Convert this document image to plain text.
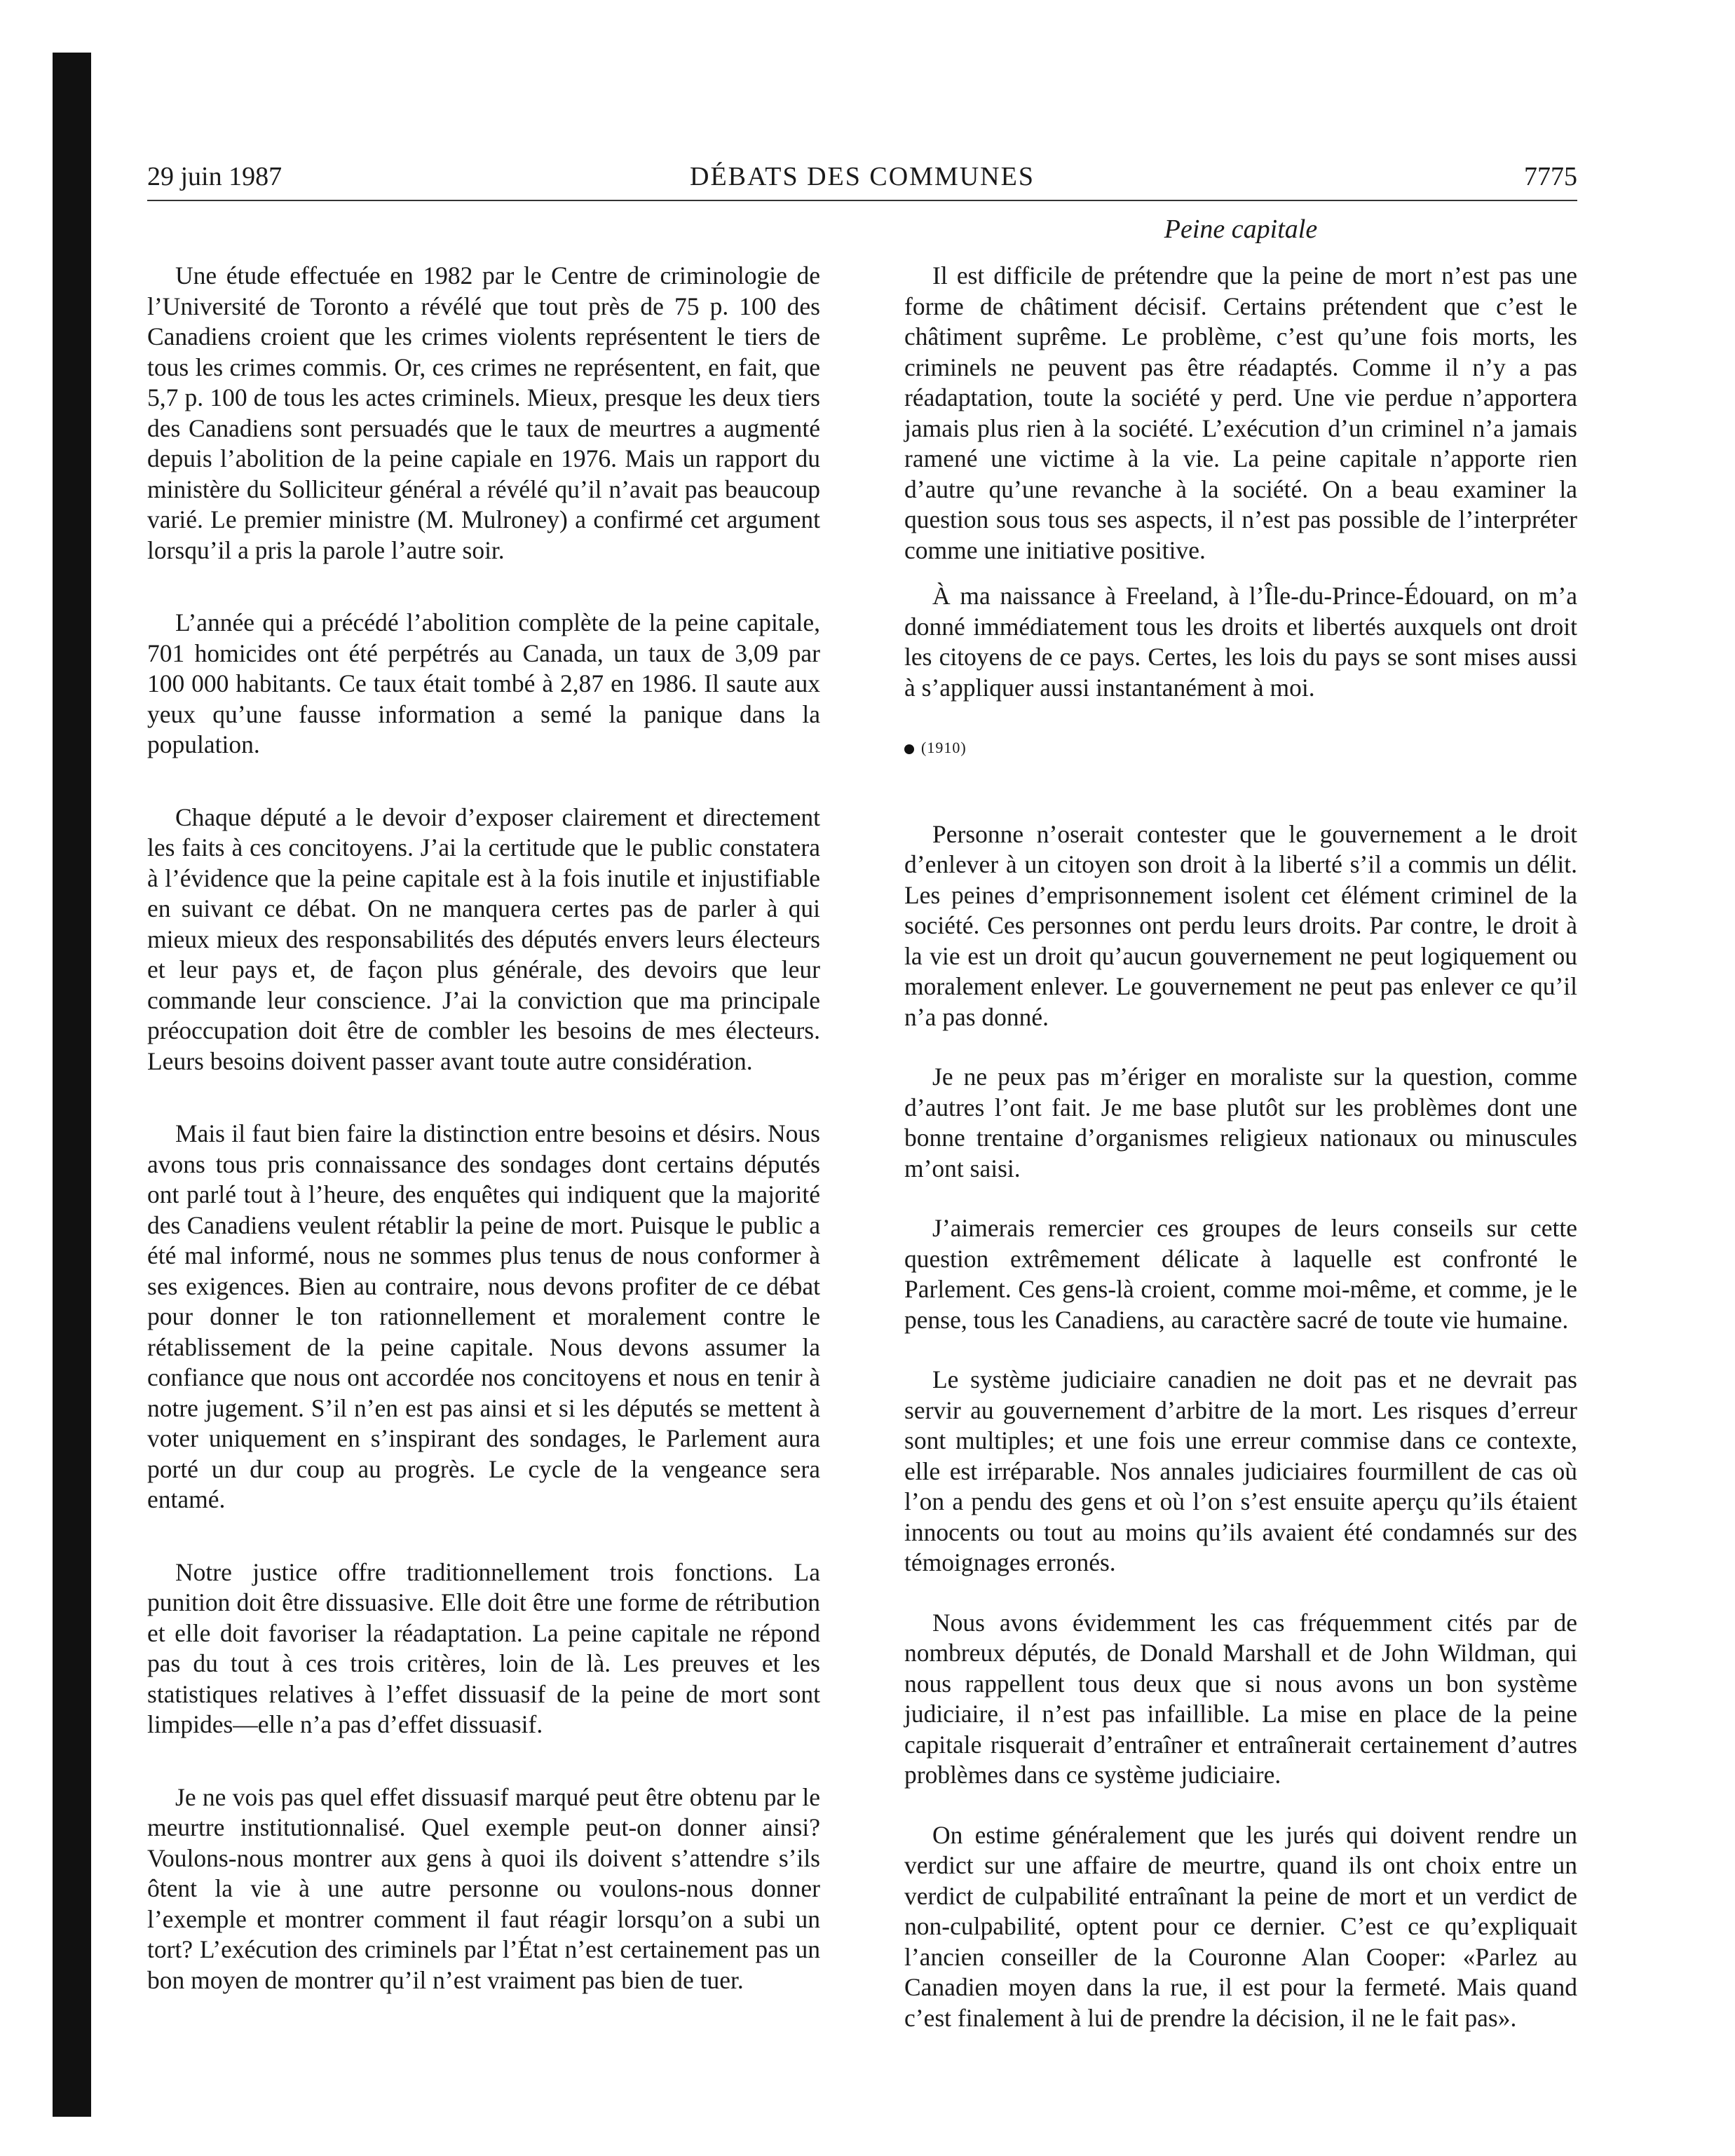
29 juin 1987	DÉBATS DES COMMUNES	7775
Peine capitale

Une étude effectuée en 1982 par le Centre de criminologie de l’Université de Toronto a révélé que tout près de 75 p. 100 des Canadiens croient que les crimes violents représentent le tiers de tous les crimes commis. Or, ces crimes ne représentent, en fait, que 5,7 p. 100 de tous les actes criminels. Mieux, presque les deux tiers des Canadiens sont persuadés que le taux de meurtres a augmenté depuis l’abolition de la peine capiale en 1976. Mais un rapport du ministère du Solliciteur général a révélé qu’il n’avait pas beaucoup varié. Le premier ministre (M. Mulroney) a confirmé cet argument lorsqu’il a pris la parole l’autre soir.

L’année qui a précédé l’abolition complète de la peine capitale, 701 homicides ont été perpétrés au Canada, un taux de 3,09 par 100 000 habitants. Ce taux était tombé à 2,87 en 1986. Il saute aux yeux qu’une fausse information a semé la panique dans la population.

Chaque député a le devoir d’exposer clairement et directement les faits à ces concitoyens. J’ai la certitude que le public constatera à l’évidence que la peine capitale est à la fois inutile et injustifiable en suivant ce débat. On ne manquera certes pas de parler à qui mieux mieux des responsabilités des députés envers leurs électeurs et leur pays et, de façon plus générale, des devoirs que leur commande leur conscience. J’ai la conviction que ma principale préoccupation doit être de combler les besoins de mes électeurs. Leurs besoins doivent passer avant toute autre considération.

Mais il faut bien faire la distinction entre besoins et désirs. Nous avons tous pris connaissance des sondages dont certains députés ont parlé tout à l’heure, des enquêtes qui indiquent que la majorité des Canadiens veulent rétablir la peine de mort. Puisque le public a été mal informé, nous ne sommes plus tenus de nous conformer à ses exigences. Bien au contraire, nous devons profiter de ce débat pour donner le ton rationnellement et moralement contre le rétablissement de la peine capitale. Nous devons assumer la confiance que nous ont accordée nos concitoyens et nous en tenir à notre jugement. S’il n’en est pas ainsi et si les députés se mettent à voter uniquement en s’inspirant des sondages, le Parlement aura porté un dur coup au progrès. Le cycle de la vengeance sera entamé.

Notre justice offre traditionnellement trois fonctions. La punition doit être dissuasive. Elle doit être une forme de rétribution et elle doit favoriser la réadaptation. La peine capitale ne répond pas du tout à ces trois critères, loin de là. Les preuves et les statistiques relatives à l’effet dissuasif de la peine de mort sont limpides—elle n’a pas d’effet dissuasif.

Je ne vois pas quel effet dissuasif marqué peut être obtenu par le meurtre institutionnalisé. Quel exemple peut-on donner ainsi? Voulons-nous montrer aux gens à quoi ils doivent s’attendre s’ils ôtent la vie à une autre personne ou voulons-nous donner l’exemple et montrer comment il faut réagir lorsqu’on a subi un tort? L’exécution des criminels par l’État n’est certainement pas un bon moyen de montrer qu’il n’est vraiment pas bien de tuer.

Il est difficile de prétendre que la peine de mort n’est pas une forme de châtiment décisif. Certains prétendent que c’est le châtiment suprême. Le problème, c’est qu’une fois morts, les criminels ne peuvent pas être réadaptés. Comme il n’y a pas réadaptation, toute la société y perd. Une vie perdue n’apportera jamais plus rien à la société. L’exécution d’un criminel n’a jamais ramené une victime à la vie. La peine capitale n’apporte rien d’autre qu’une revanche à la société. On a beau examiner la question sous tous ses aspects, il n’est pas possible de l’interpréter comme une initiative positive.

À ma naissance à Freeland, à l’Île-du-Prince-Édouard, on m’a donné immédiatement tous les droits et libertés auxquels ont droit les citoyens de ce pays. Certes, les lois du pays se sont mises aussi à s’appliquer aussi instantanément à moi.

(1910)

Personne n’oserait contester que le gouvernement a le droit d’enlever à un citoyen son droit à la liberté s’il a commis un délit. Les peines d’emprisonnement isolent cet élément criminel de la société. Ces personnes ont perdu leurs droits. Par contre, le droit à la vie est un droit qu’aucun gouvernement ne peut logiquement ou moralement enlever. Le gouvernement ne peut pas enlever ce qu’il n’a pas donné.

Je ne peux pas m’ériger en moraliste sur la question, comme d’autres l’ont fait. Je me base plutôt sur les problèmes dont une bonne trentaine d’organismes religieux nationaux ou minuscules m’ont saisi.

J’aimerais remercier ces groupes de leurs conseils sur cette question extrêmement délicate à laquelle est confronté le Parlement. Ces gens-là croient, comme moi-même, et comme, je le pense, tous les Canadiens, au caractère sacré de toute vie humaine.

Le système judiciaire canadien ne doit pas et ne devrait pas servir au gouvernement d’arbitre de la mort. Les risques d’erreur sont multiples; et une fois une erreur commise dans ce contexte, elle est irréparable. Nos annales judiciaires fourmillent de cas où l’on a pendu des gens et où l’on s’est ensuite aperçu qu’ils étaient innocents ou tout au moins qu’ils avaient été condamnés sur des témoignages erronés.

Nous avons évidemment les cas fréquemment cités par de nombreux députés, de Donald Marshall et de John Wildman, qui nous rappellent tous deux que si nous avons un bon système judiciaire, il n’est pas infaillible. La mise en place de la peine capitale risquerait d’entraîner et entraînerait certainement d’autres problèmes dans ce système judiciaire.

On estime généralement que les jurés qui doivent rendre un verdict sur une affaire de meurtre, quand ils ont choix entre un verdict de culpabilité entraînant la peine de mort et un verdict de non-culpabilité, optent pour ce dernier. C’est ce qu’expliquait l’ancien conseiller de la Couronne Alan Cooper: «Parlez au Canadien moyen dans la rue, il est pour la fermeté. Mais quand c’est finalement à lui de prendre la décision, il ne le fait pas».
